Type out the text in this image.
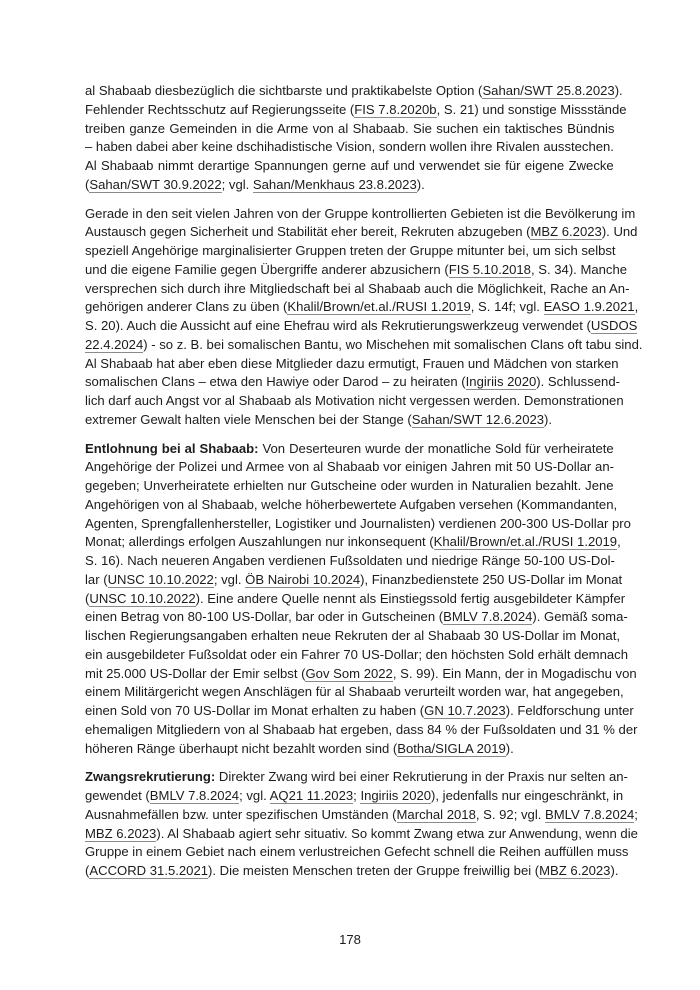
al Shabaab diesbezüglich die sichtbarste und praktikabelste Option (Sahan/SWT 25.8.2023).
Fehlender Rechtsschutz auf Regierungsseite (FIS 7.8.2020b, S. 21) und sonstige Missstände
treiben ganze Gemeinden in die Arme von al Shabaab. Sie suchen ein taktisches Bündnis
– haben dabei aber keine dschihadistische Vision, sondern wollen ihre Rivalen ausstechen.
Al Shabaab nimmt derartige Spannungen gerne auf und verwendet sie für eigene Zwecke
(Sahan/SWT 30.9.2022; vgl. Sahan/Menkhaus 23.8.2023).
Gerade in den seit vielen Jahren von der Gruppe kontrollierten Gebieten ist die Bevölkerung im
Austausch gegen Sicherheit und Stabilität eher bereit, Rekruten abzugeben (MBZ 6.2023). Und
speziell Angehörige marginalisierter Gruppen treten der Gruppe mitunter bei, um sich selbst
und die eigene Familie gegen Übergriffe anderer abzusichern (FIS 5.10.2018, S. 34). Manche
versprechen sich durch ihre Mitgliedschaft bei al Shabaab auch die Möglichkeit, Rache an An-
gehörigen anderer Clans zu üben (Khalil/Brown/et.al./RUSI 1.2019, S. 14f; vgl. EASO 1.9.2021,
S. 20). Auch die Aussicht auf eine Ehefrau wird als Rekrutierungswerkzeug verwendet (USDOS
22.4.2024) - so z. B. bei somalischen Bantu, wo Mischehen mit somalischen Clans oft tabu sind.
Al Shabaab hat aber eben diese Mitglieder dazu ermutigt, Frauen und Mädchen von starken
somalischen Clans – etwa den Hawiye oder Darod – zu heiraten (Ingiriis 2020). Schlussend-
lich darf auch Angst vor al Shabaab als Motivation nicht vergessen werden. Demonstrationen
extremer Gewalt halten viele Menschen bei der Stange (Sahan/SWT 12.6.2023).
Entlohnung bei al Shabaab: Von Deserteuren wurde der monatliche Sold für verheiratete
Angehörige der Polizei und Armee von al Shabaab vor einigen Jahren mit 50 US-Dollar an-
gegeben; Unverheiratete erhielten nur Gutscheine oder wurden in Naturalien bezahlt. Jene
Angehörigen von al Shabaab, welche höherbewertete Aufgaben versehen (Kommandanten,
Agenten, Sprengfallenhersteller, Logistiker und Journalisten) verdienen 200-300 US-Dollar pro
Monat; allerdings erfolgen Auszahlungen nur inkonsequent (Khalil/Brown/et.al./RUSI 1.2019,
S. 16). Nach neueren Angaben verdienen Fußsoldaten und niedrige Ränge 50-100 US-Dol-
lar (UNSC 10.10.2022; vgl. ÖB Nairobi 10.2024), Finanzbedienstete 250 US-Dollar im Monat
(UNSC 10.10.2022). Eine andere Quelle nennt als Einstiegssold fertig ausgebildeter Kämpfer
einen Betrag von 80-100 US-Dollar, bar oder in Gutscheinen (BMLV 7.8.2024). Gemäß soma-
lischen Regierungsangaben erhalten neue Rekruten der al Shabaab 30 US-Dollar im Monat,
ein ausgebildeter Fußsoldat oder ein Fahrer 70 US-Dollar; den höchsten Sold erhält demnach
mit 25.000 US-Dollar der Emir selbst (Gov Som 2022, S. 99). Ein Mann, der in Mogadischu von
einem Militärgericht wegen Anschlägen für al Shabaab verurteilt worden war, hat angegeben,
einen Sold von 70 US-Dollar im Monat erhalten zu haben (GN 10.7.2023). Feldforschung unter
ehemaligen Mitgliedern von al Shabaab hat ergeben, dass 84 % der Fußsoldaten und 31 % der
höheren Ränge überhaupt nicht bezahlt worden sind (Botha/SIGLA 2019).
Zwangsrekrutierung: Direkter Zwang wird bei einer Rekrutierung in der Praxis nur selten an-
gewendet (BMLV 7.8.2024; vgl. AQ21 11.2023; Ingiriis 2020), jedenfalls nur eingeschränkt, in
Ausnahmefällen bzw. unter spezifischen Umständen (Marchal 2018, S. 92; vgl. BMLV 7.8.2024;
MBZ 6.2023). Al Shabaab agiert sehr situativ. So kommt Zwang etwa zur Anwendung, wenn die
Gruppe in einem Gebiet nach einem verlustreichen Gefecht schnell die Reihen auffüllen muss
(ACCORD 31.5.2021). Die meisten Menschen treten der Gruppe freiwillig bei (MBZ 6.2023).
178
